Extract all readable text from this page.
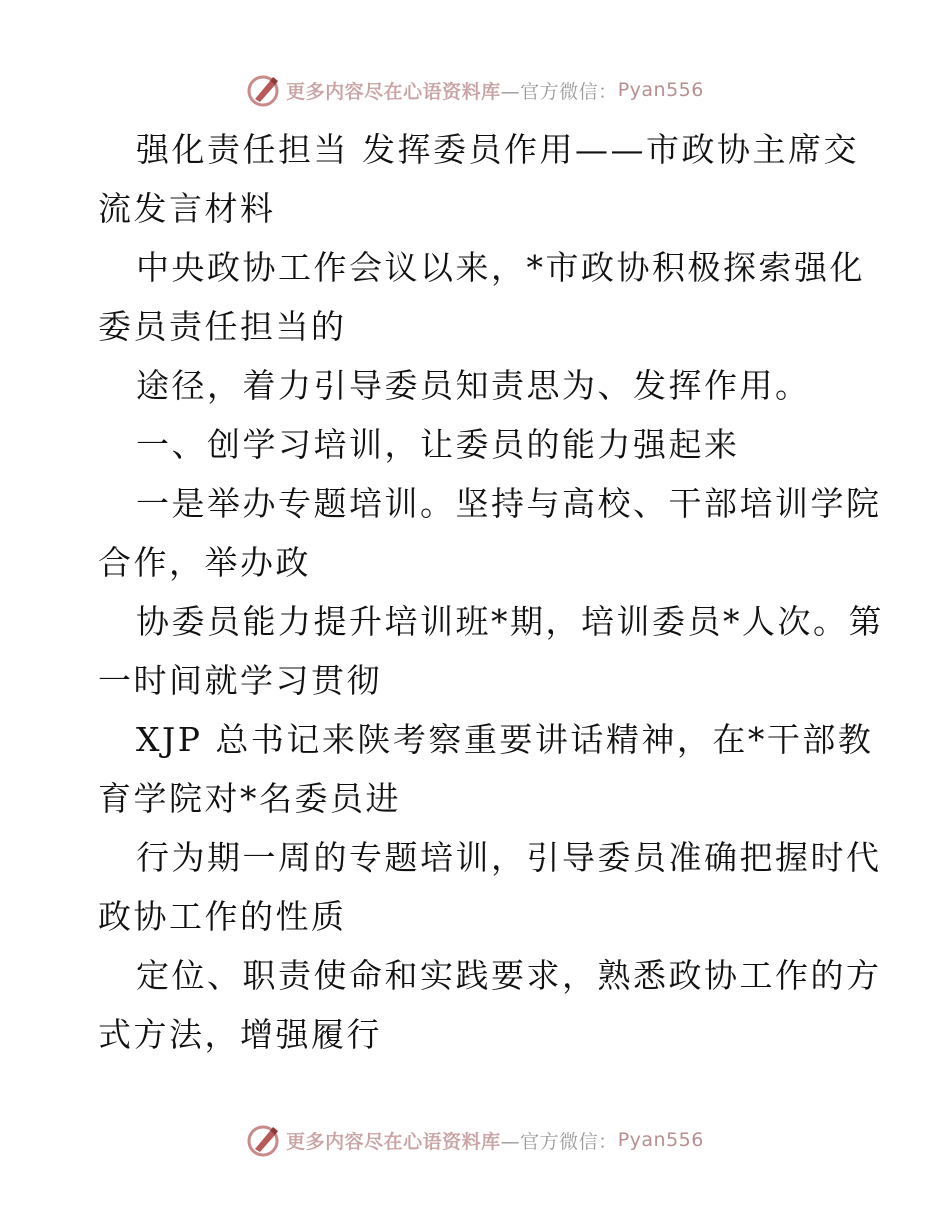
更多内容尽在心语资料库 —官方微信： Pyan556
强化责任担当 发挥委员作用——市政协主席交
流发言材料
中央政协工作会议以来，*市政协积极探索强化
委员责任担当的
途径，着力引导委员知责思为、发挥作用。
一、创学习培训，让委员的能力强起来
一是举办专题培训。坚持与高校、干部培训学院
合作，举办政
协委员能力提升培训班*期，培训委员*人次。第
一时间就学习贯彻
XJP 总书记来陕考察重要讲话精神，在*干部教
育学院对*名委员进
行为期一周的专题培训，引导委员准确把握时代
政协工作的性质
定位、职责使命和实践要求，熟悉政协工作的方
式方法，增强履行
更多内容尽在心语资料库 —官方微信： Pyan556
